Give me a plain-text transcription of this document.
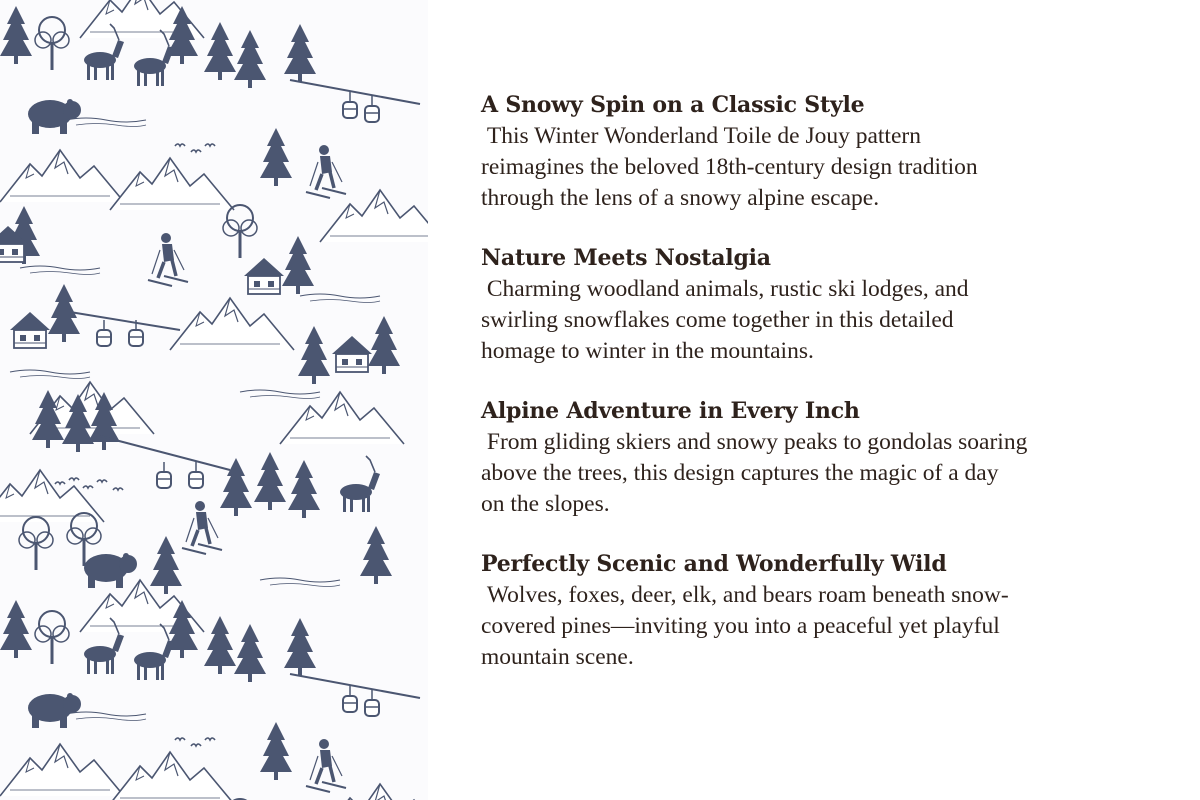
A Snowy Spin on a Classic Style

This Winter Wonderland Toile de Jouy pattern
reimagines the beloved 18th-century design tradition
through the lens of a snowy alpine escape.

Nature Meets Nostalgia

Charming woodland animals, rustic ski lodges, and
swirling snowflakes come together in this detailed
homage to winter in the mountains.

Alpine Adventure in Every Inch

From gliding skiers and snowy peaks to gondolas soaring
above the trees, this design captures the magic of a day
on the slopes.

Perfectly Scenic and Wonderfully Wild

Wolves, foxes, deer, elk, and bears roam beneath snow-
covered pines—inviting you into a peaceful yet playful
mountain scene.
